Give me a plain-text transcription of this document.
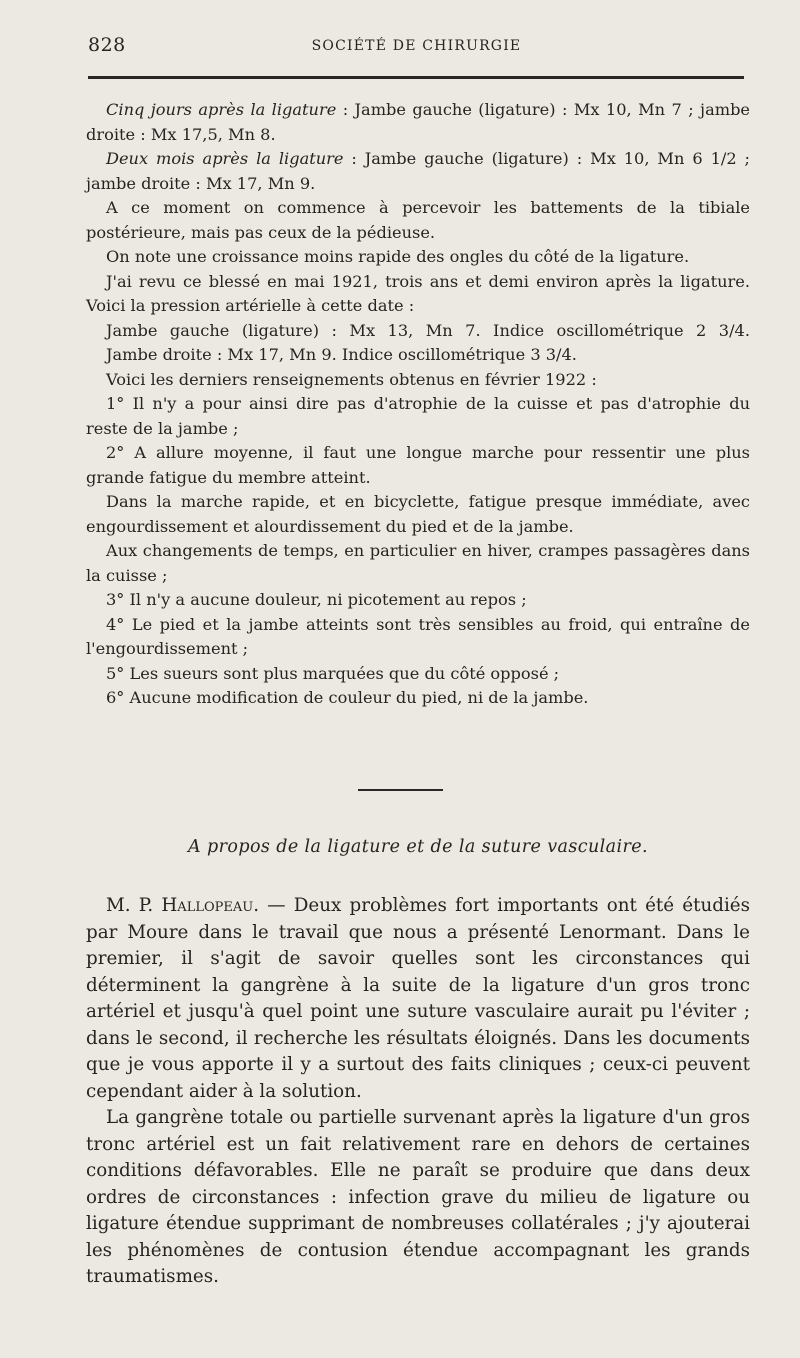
828	SOCIÉTÉ DE CHIRURGIE

Cinq jours après la ligature : Jambe gauche (ligature) : Mx 10, Mn 7 ; jambe droite : Mx 17,5, Mn 8.

Deux mois après la ligature : Jambe gauche (ligature) : Mx 10, Mn 6 1/2 ; jambe droite : Mx 17, Mn 9.

A ce moment on commence à percevoir les battements de la tibiale postérieure, mais pas ceux de la pédieuse.

On note une croissance moins rapide des ongles du côté de la ligature.

J'ai revu ce blessé en mai 1921, trois ans et demi environ après la ligature. Voici la pression artérielle à cette date :

Jambe gauche (ligature) : Mx 13, Mn 7. Indice oscillométrique 2 3/4.

Jambe droite : Mx 17, Mn 9. Indice oscillométrique 3 3/4.

Voici les derniers renseignements obtenus en février 1922 :

1° Il n'y a pour ainsi dire pas d'atrophie de la cuisse et pas d'atrophie du reste de la jambe ;

2° A allure moyenne, il faut une longue marche pour ressentir une plus grande fatigue du membre atteint.

Dans la marche rapide, et en bicyclette, fatigue presque immédiate, avec engourdissement et alourdissement du pied et de la jambe.

Aux changements de temps, en particulier en hiver, crampes passagères dans la cuisse ;

3° Il n'y a aucune douleur, ni picotement au repos ;

4° Le pied et la jambe atteints sont très sensibles au froid, qui entraîne de l'engourdissement ;

5° Les sueurs sont plus marquées que du côté opposé ;

6° Aucune modification de couleur du pied, ni de la jambe.

A propos de la ligature et de la suture vasculaire.

M. P. Hallopeau. — Deux problèmes fort importants ont été étudiés par Moure dans le travail que nous a présenté Lenormant. Dans le premier, il s'agit de savoir quelles sont les circonstances qui déterminent la gangrène à la suite de la ligature d'un gros tronc artériel et jusqu'à quel point une suture vasculaire aurait pu l'éviter ; dans le second, il recherche les résultats éloignés. Dans les documents que je vous apporte il y a surtout des faits cliniques ; ceux-ci peuvent cependant aider à la solution.

La gangrène totale ou partielle survenant après la ligature d'un gros tronc artériel est un fait relativement rare en dehors de certaines conditions défavorables. Elle ne paraît se produire que dans deux ordres de circonstances : infection grave du milieu de ligature ou ligature étendue supprimant de nombreuses collatérales ; j'y ajouterai les phénomènes de contusion étendue accompagnant les grands traumatismes.
